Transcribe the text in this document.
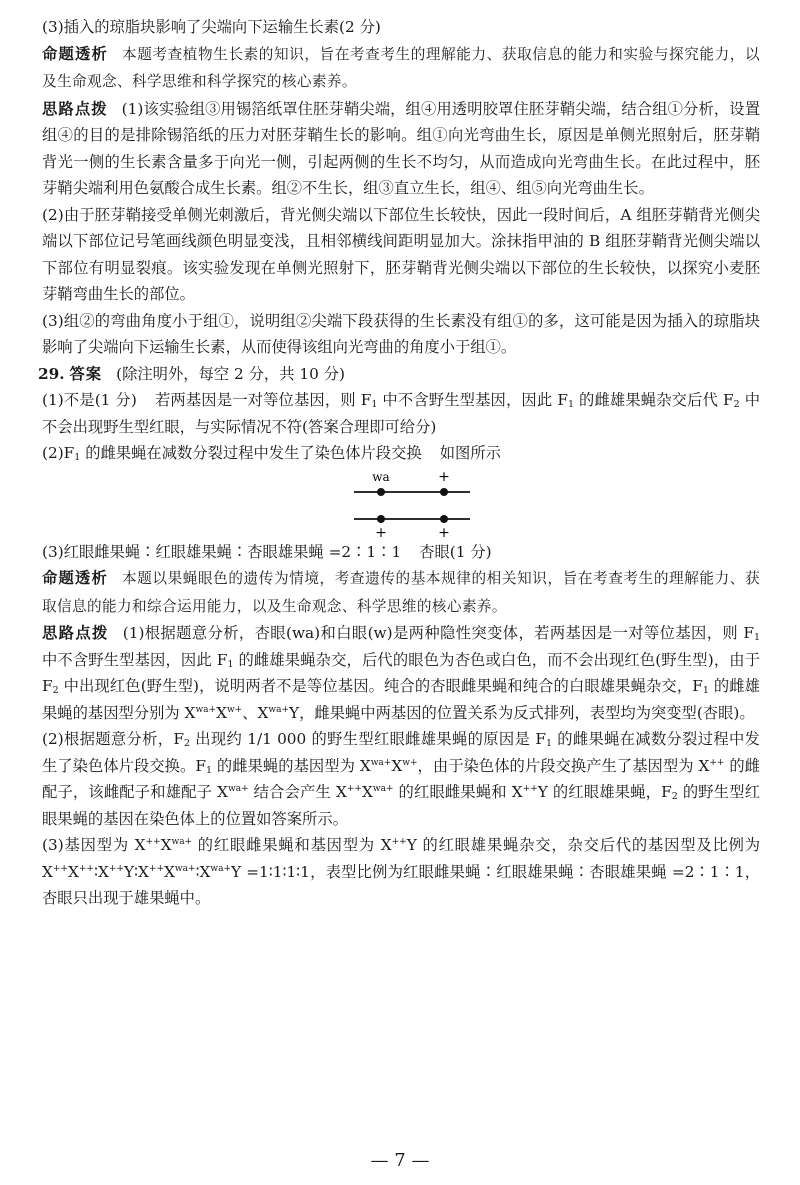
(3)插入的琼脂块影响了尖端向下运输生长素(2 分)

命题透析 本题考查植物生长素的知识，旨在考查考生的理解能力、获取信息的能力和实验与探究能力，以及生命观念、科学思维和科学探究的核心素养。

思路点拨 (1)该实验组③用锡箔纸罩住胚芽鞘尖端，组④用透明胶罩住胚芽鞘尖端，结合组①分析，设置组④的目的是排除锡箔纸的压力对胚芽鞘生长的影响。组①向光弯曲生长，原因是单侧光照射后，胚芽鞘背光一侧的生长素含量多于向光一侧，引起两侧的生长不均匀，从而造成向光弯曲生长。在此过程中，胚芽鞘尖端利用色氨酸合成生长素。组②不生长，组③直立生长，组④、组⑤向光弯曲生长。

(2)由于胚芽鞘接受单侧光刺激后，背光侧尖端以下部位生长较快，因此一段时间后，A 组胚芽鞘背光侧尖端以下部位记号笔画线颜色明显变浅，且相邻横线间距明显加大。涂抹指甲油的 B 组胚芽鞘背光侧尖端以下部位有明显裂痕。该实验发现在单侧光照射下，胚芽鞘背光侧尖端以下部位的生长较快，以探究小麦胚芽鞘弯曲生长的部位。

(3)组②的弯曲角度小于组①，说明组②尖端下段获得的生长素没有组①的多，这可能是因为插入的琼脂块影响了尖端向下运输生长素，从而使得该组向光弯曲的角度小于组①。

29. 答案 (除注明外，每空 2 分，共 10 分)

(1)不是(1 分) 若两基因是一对等位基因，则 $F_1$ 中不含野生型基因，因此 $F_1$ 的雌雄果蝇杂交后代 $F_2$ 中不会出现野生型红眼，与实际情况不符(答案合理即可给分)

$(2)F_1$ 的雌果蝇在减数分裂过程中发生了染色体片段交换 如图所示

wa	+
+	+

(3)红眼雌果蝇∶红眼雄果蝇∶杏眼雄果蝇 =2∶1∶1 杏眼(1 分)

命题透析 本题以果蝇眼色的遗传为情境，考查遗传的基本规律的相关知识，旨在考查考生的理解能力、获取信息的能力和综合运用能力，以及生命观念、科学思维的核心素养。

思路点拨 (1)根据题意分析，杏眼(wa)和白眼(w)是两种隐性突变体，若两基因是一对等位基因，则 $F_1$ 中不含野生型基因，因此 $F_1$ 的雌雄果蝇杂交，后代的眼色为杏色或白色，而不会出现红色(野生型)，由于 $F_2$ 中出现红色(野生型)，说明两者不是等位基因。纯合的杏眼雌果蝇和纯合的白眼雄果蝇杂交，$F_1$ 的雌雄果蝇的基因型分别为 $X^{wa+}X^{w+}$、$X^{wa+}Y$，雌果蝇中两基因的位置关系为反式排列，表型均为突变型(杏眼)。

(2)根据题意分析，$F_2$ 出现约 1/1 000 的野生型红眼雌雄果蝇的原因是 $F_1$ 的雌果蝇在减数分裂过程中发生了染色体片段交换。$F_1$ 的雌果蝇的基因型为 $X^{wa+}X^{w+}$，由于染色体的片段交换产生了基因型为 X++ 的雌配子，该雌配子和雄配子 $X^{wa+}$ 结合会产生 $X^{++}X^{wa+}$ 的红眼雌果蝇和 X++Y 的红眼雄果蝇，$F_2$ 的野生型红眼果蝇的基因在染色体上的位置如答案所示。

(3)基因型为 $X^{++}X^{wa+}$ 的红眼雌果蝇和基因型为 X++Y 的红眼雄果蝇杂交，杂交后代的基因型及比例为 $X^{++}X^{++}∶X^{++}Y∶X^{++}X^{wa+}∶X^{wa+}Y$ =1∶1∶1∶1，表型比例为红眼雌果蝇∶红眼雄果蝇∶杏眼雄果蝇 =2∶1∶1，杏眼只出现于雄果蝇中。

— 7 —
